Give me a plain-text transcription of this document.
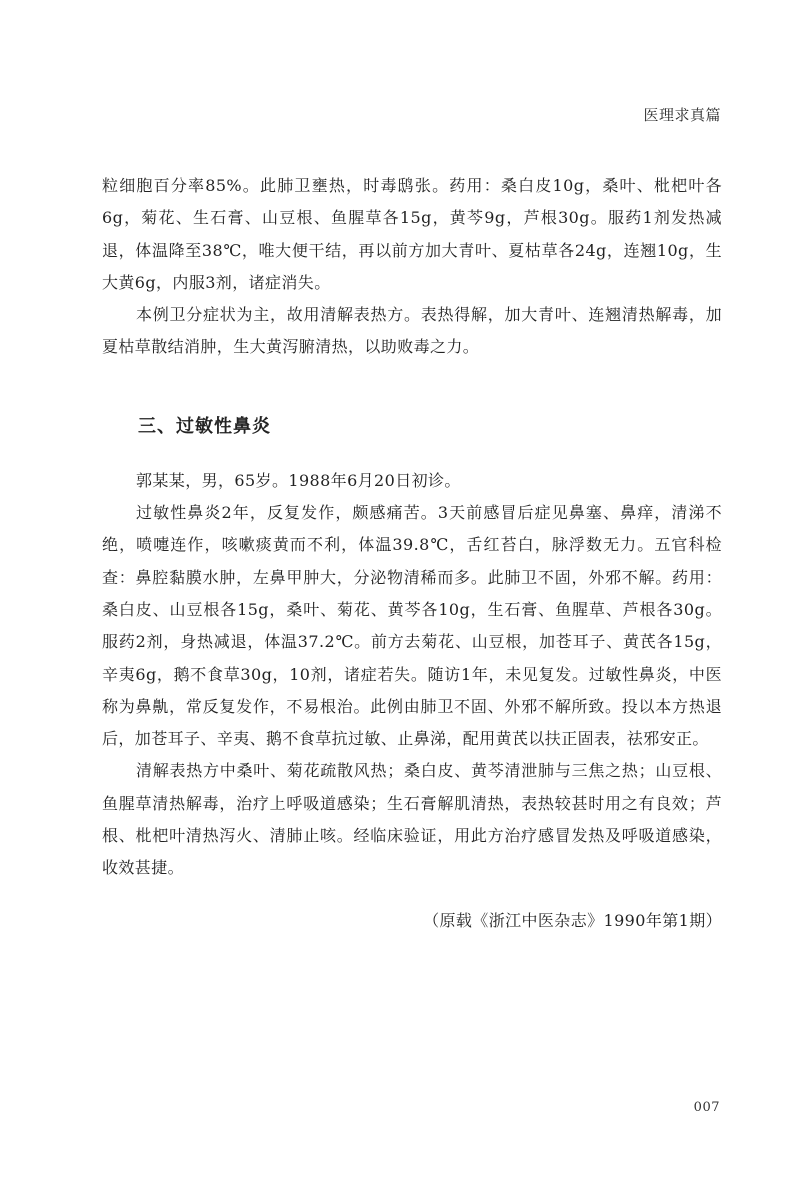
医理求真篇

粒细胞百分率85%。此肺卫壅热，时毒鸱张。药用：桑白皮10g，桑叶、枇杷叶各6g，菊花、生石膏、山豆根、鱼腥草各15g，黄芩9g，芦根30g。服药1剂发热减退，体温降至38℃，唯大便干结，再以前方加大青叶、夏枯草各24g，连翘10g，生大黄6g，内服3剂，诸症消失。

本例卫分症状为主，故用清解表热方。表热得解，加大青叶、连翘清热解毒，加夏枯草散结消肿，生大黄泻腑清热，以助败毒之力。

三、过敏性鼻炎

郭某某，男，65岁。1988年6月20日初诊。

过敏性鼻炎2年，反复发作，颇感痛苦。3天前感冒后症见鼻塞、鼻痒，清涕不绝，喷嚏连作，咳嗽痰黄而不利，体温39.8℃，舌红苔白，脉浮数无力。五官科检查：鼻腔黏膜水肿，左鼻甲肿大，分泌物清稀而多。此肺卫不固，外邪不解。药用：桑白皮、山豆根各15g，桑叶、菊花、黄芩各10g，生石膏、鱼腥草、芦根各30g。服药2剂，身热减退，体温37.2℃。前方去菊花、山豆根，加苍耳子、黄芪各15g，辛夷6g，鹅不食草30g，10剂，诸症若失。随访1年，未见复发。过敏性鼻炎，中医称为鼻鼽，常反复发作，不易根治。此例由肺卫不固、外邪不解所致。投以本方热退后，加苍耳子、辛夷、鹅不食草抗过敏、止鼻涕，配用黄芪以扶正固表，祛邪安正。

清解表热方中桑叶、菊花疏散风热；桑白皮、黄芩清泄肺与三焦之热；山豆根、鱼腥草清热解毒，治疗上呼吸道感染；生石膏解肌清热，表热较甚时用之有良效；芦根、枇杷叶清热泻火、清肺止咳。经临床验证，用此方治疗感冒发热及呼吸道感染，收效甚捷。

（原载《浙江中医杂志》1990年第1期）

007
